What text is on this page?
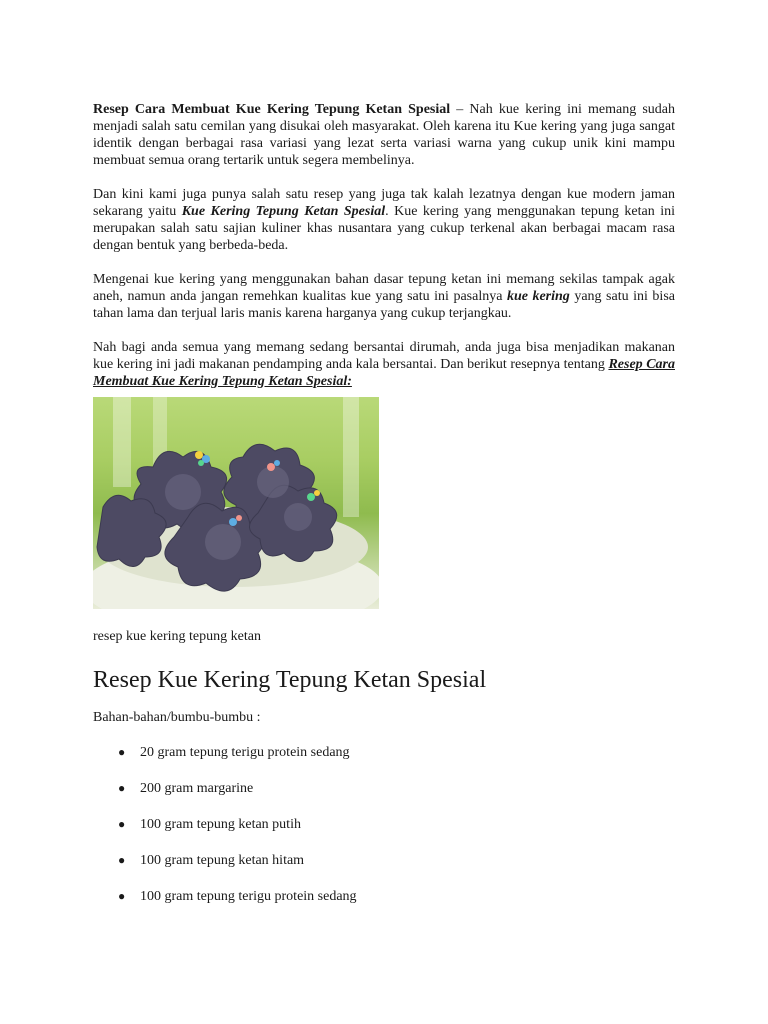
Resep Cara Membuat Kue Kering Tepung Ketan Spesial – Nah kue kering ini memang sudah menjadi salah satu cemilan yang disukai oleh masyarakat. Oleh karena itu Kue kering yang juga sangat identik dengan berbagai rasa variasi yang lezat serta variasi warna yang cukup unik kini mampu membuat semua orang tertarik untuk segera membelinya.

Dan kini kami juga punya salah satu resep yang juga tak kalah lezatnya dengan kue modern jaman sekarang yaitu Kue Kering Tepung Ketan Spesial. Kue kering yang menggunakan tepung ketan ini merupakan salah satu sajian kuliner khas nusantara yang cukup terkenal akan berbagai macam rasa dengan bentuk yang berbeda-beda.

Mengenai kue kering yang menggunakan bahan dasar tepung ketan ini memang sekilas tampak agak aneh, namun anda jangan remehkan kualitas kue yang satu ini pasalnya kue kering yang satu ini bisa tahan lama dan terjual laris manis karena harganya yang cukup terjangkau.

Nah bagi anda semua yang memang sedang bersantai dirumah, anda juga bisa menjadikan makanan kue kering ini jadi makanan pendamping anda kala bersantai. Dan berikut resepnya tentang Resep Cara Membuat Kue Kering Tepung Ketan Spesial:

resep kue kering tepung ketan
Resep Kue Kering Tepung Ketan Spesial
Bahan-bahan/bumbu-bumbu :
● 20 gram tepung terigu protein sedang
● 200 gram margarine
● 100 gram tepung ketan putih
● 100 gram tepung ketan hitam
● 100 gram tepung terigu protein sedang
